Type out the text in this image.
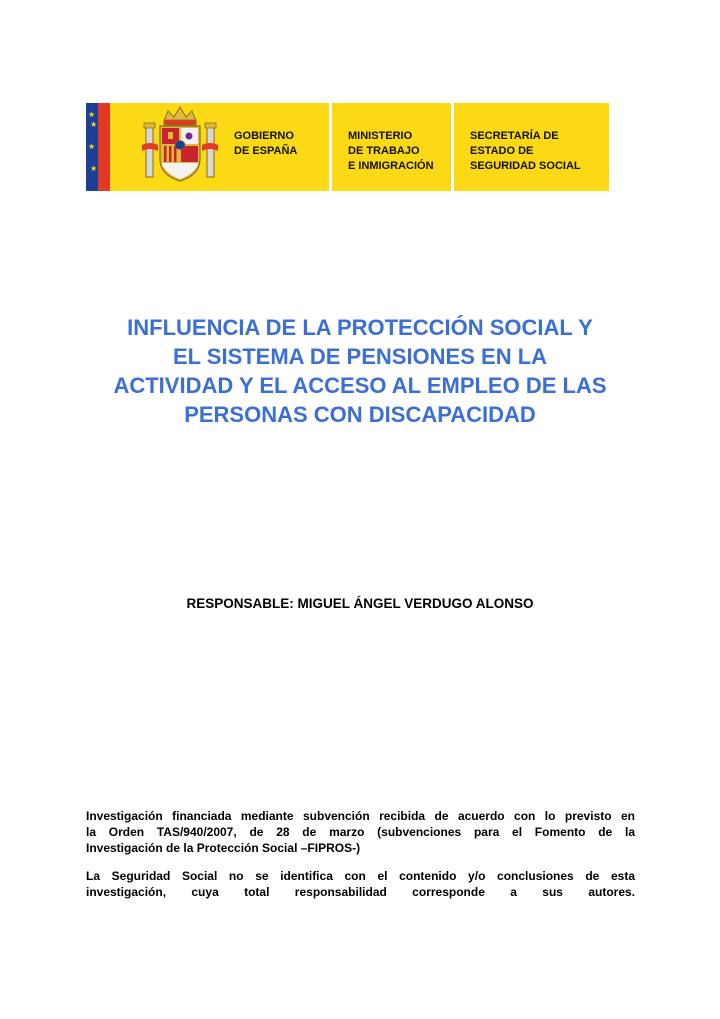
★
★
★
★
GOBIERNO
DE ESPAÑA
MINISTERIO
DE TRABAJO
E INMIGRACIÓN
SECRETARÍA DE
ESTADO DE
SEGURIDAD SOCIAL
INFLUENCIA DE LA PROTECCIÓN SOCIAL Y
EL SISTEMA DE PENSIONES EN LA
ACTIVIDAD Y EL ACCESO AL EMPLEO DE LAS
PERSONAS CON DISCAPACIDAD
RESPONSABLE: MIGUEL ÁNGEL VERDUGO ALONSO
Investigación financiada mediante subvención recibida de acuerdo con lo previsto en
la Orden TAS/940/2007, de 28 de marzo (subvenciones para el Fomento de la
Investigación de la Protección Social –FIPROS-)
La Seguridad Social no se identifica con el contenido y/o conclusiones de esta
investigación, cuya total responsabilidad corresponde a sus autores.
